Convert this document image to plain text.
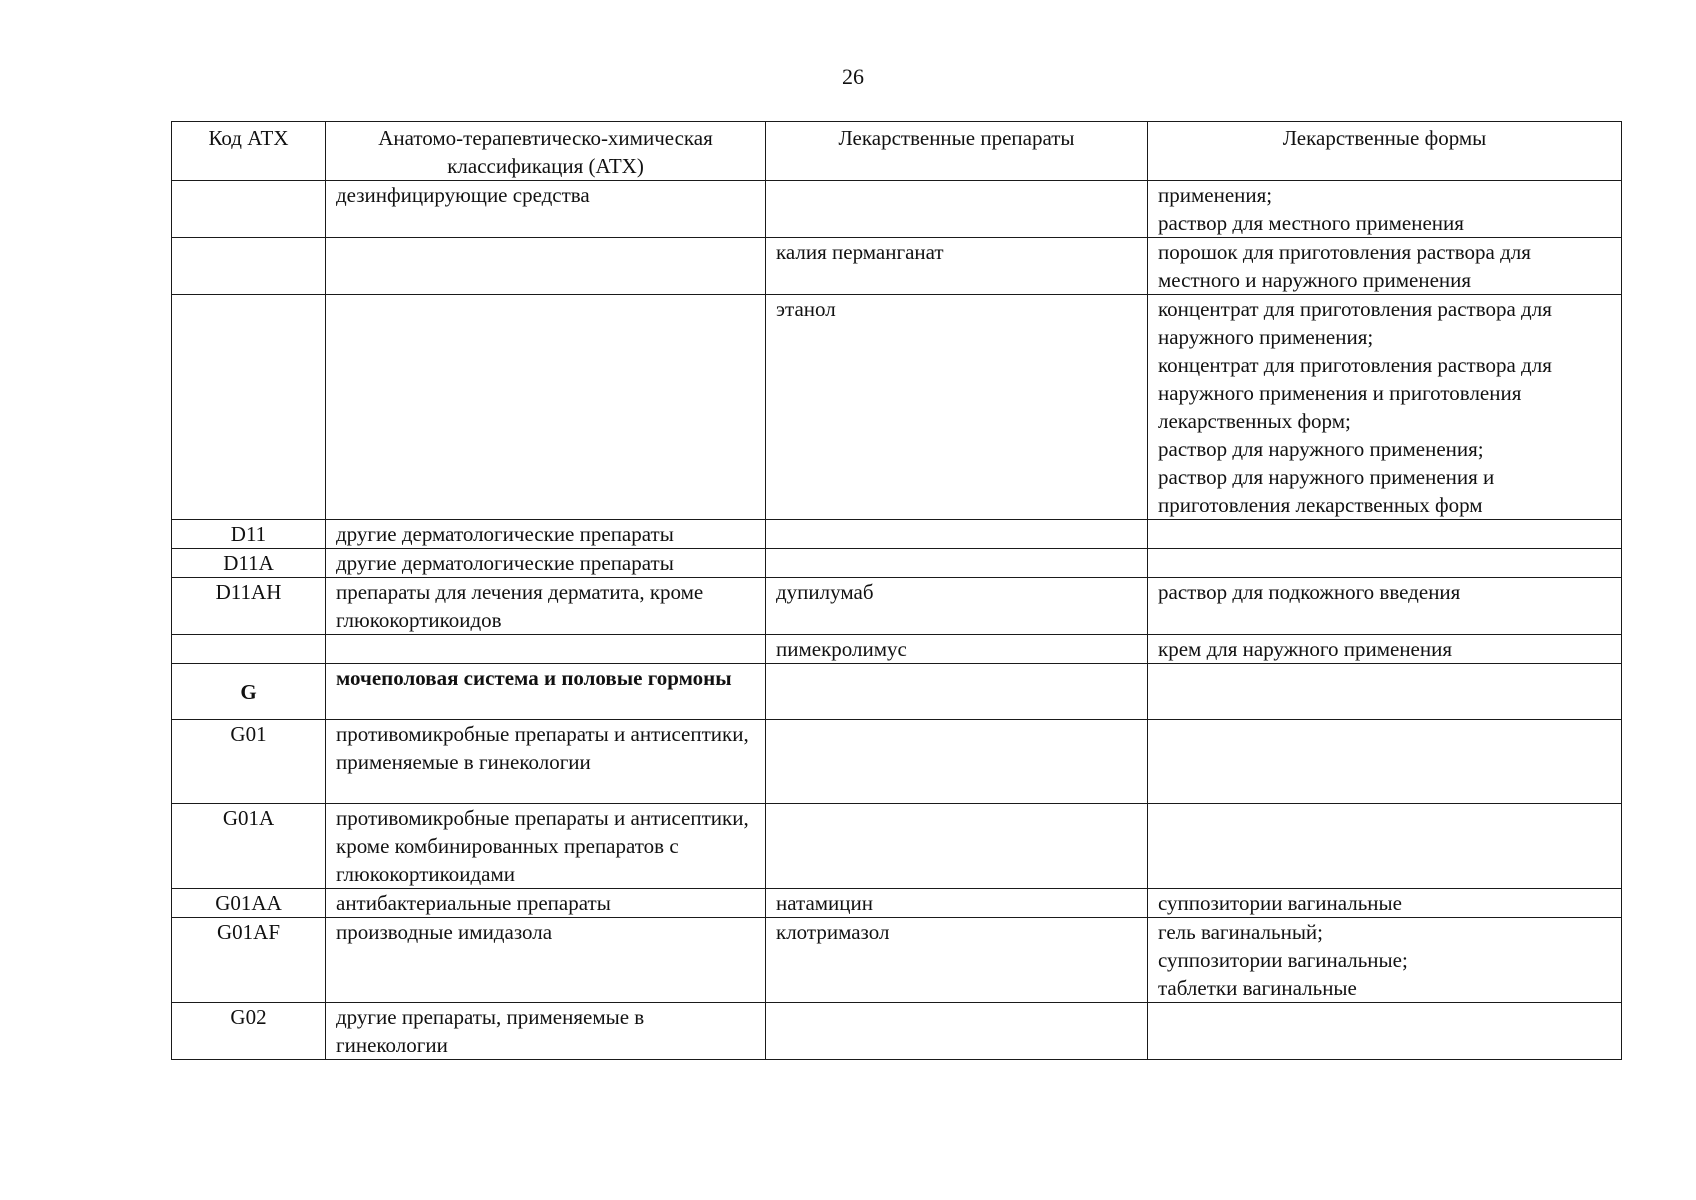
26
Код АТХ	Анатомо-терапевтическо-химическая классификация (АТХ)	Лекарственные препараты	Лекарственные формы
	дезинфицирующие средства		применения;
раствор для местного применения
		калия перманганат	порошок для приготовления раствора для местного и наружного применения
		этанол	концентрат для приготовления раствора для наружного применения;
концентрат для приготовления раствора для наружного применения и приготовления лекарственных форм;
раствор для наружного применения;
раствор для наружного применения и приготовления лекарственных форм
D11	другие дерматологические препараты		
D11A	другие дерматологические препараты		
D11AH	препараты для лечения дерматита, кроме глюкокортикоидов	дупилумаб	раствор для подкожного введения
		пимекролимус	крем для наружного применения
G	мочеполовая система и половые гормоны		
G01	противомикробные препараты и антисептики, применяемые в гинекологии		
G01A	противомикробные препараты и антисептики, кроме комбинированных препаратов с глюкокортикоидами		
G01AA	антибактериальные препараты	натамицин	суппозитории вагинальные
G01AF	производные имидазола	клотримазол	гель вагинальный;
суппозитории вагинальные;
таблетки вагинальные
G02	другие препараты, применяемые в гинекологии		
